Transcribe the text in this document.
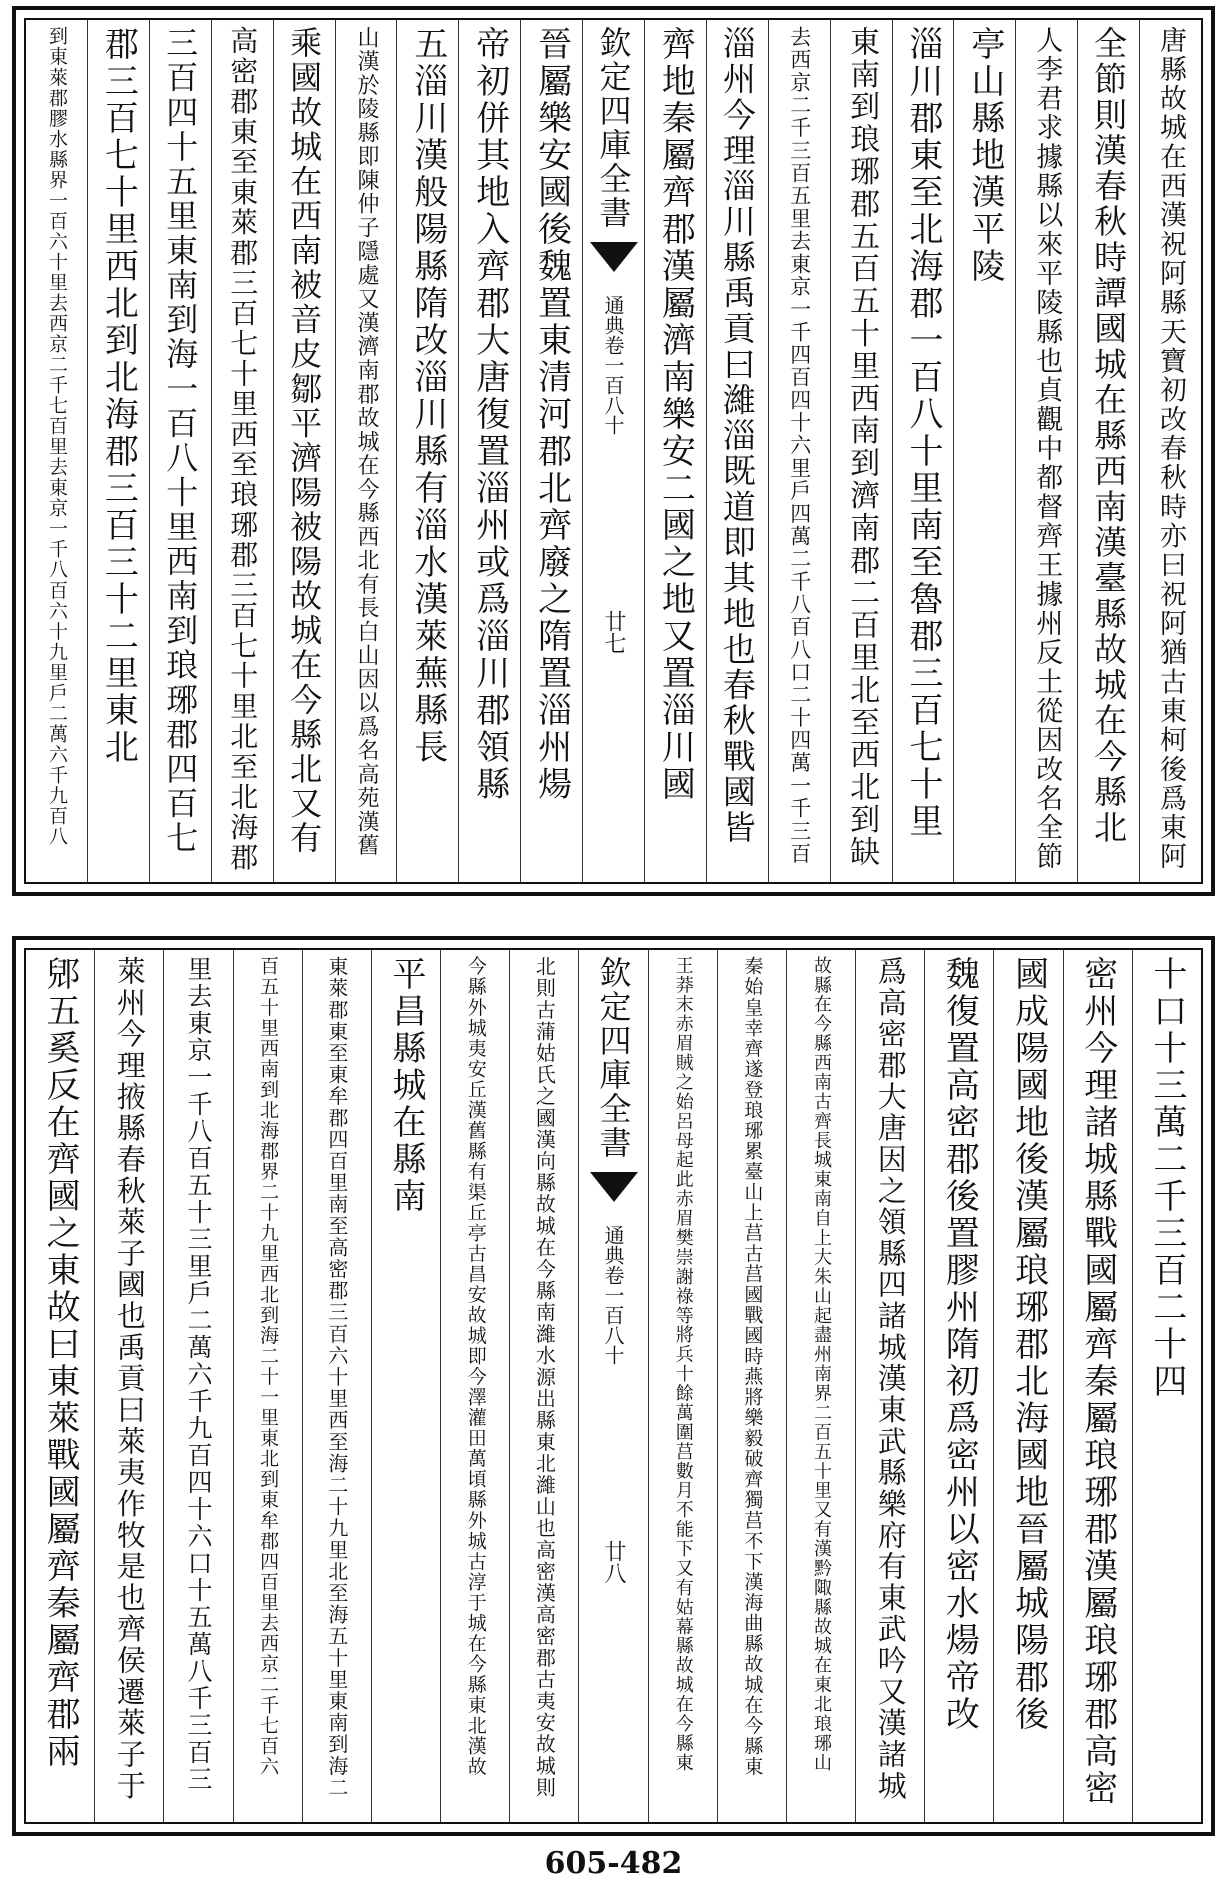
唐縣故城在西漢祝阿縣天寶初改春秋時亦曰祝阿猶古東柯後爲東阿
全節則漢春秋時譚國城在縣西南漢臺縣故城在今縣北
人李君求據縣以來平陵縣也貞觀中都督齊王據州反土從因改名全節
亭山縣地漢平陵
淄川郡東至北海郡一百八十里南至魯郡三百七十里
東南到琅琊郡五百五十里西南到濟南郡二百里北至西北到缺
去西京二千三百五里去東京一千四百四十六里戶四萬二千八百八口二十四萬一千三百
淄州今理淄川縣禹貢曰濰淄既道即其地也春秋戰國皆
齊地秦屬齊郡漢屬濟南樂安二國之地又置淄川國
欽定四庫全書
通典卷一百八十
廿七
晉屬樂安國後魏置東清河郡北齊廢之隋置淄州煬
帝初併其地入齊郡大唐復置淄州或爲淄川郡領縣
五淄川漢般陽縣隋改淄川縣有淄水漢萊蕪縣長
山漢於陵縣即陳仲子隱處又漢濟南郡故城在今縣西北有長白山因以爲名高苑漢舊
乘國故城在西南被音皮鄒平濟陽被陽故城在今縣北又有
高密郡東至東萊郡三百七十里西至琅琊郡三百七十里北至北海郡
三百四十五里東南到海一百八十里西南到琅琊郡四百七
郡三百七十里西北到北海郡三百三十二里東北
到東萊郡膠水縣界一百六十里去西京二千七百里去東京一千八百六十九里戶二萬六千九百八
十口十三萬二千三百二十四
密州今理諸城縣戰國屬齊秦屬琅琊郡漢屬琅琊郡高密
國成陽國地後漢屬琅琊郡北海國地晉屬城陽郡後
魏復置高密郡後置膠州隋初爲密州以密水煬帝改
爲高密郡大唐因之領縣四諸城漢東武縣樂府有東武吟又漢諸城
故縣在今縣西南古齊長城東南自上大朱山起盡州南界二百五十里又有漢黔陬縣故城在東北琅琊山
秦始皇幸齊遂登琅琊累臺山上莒古莒國戰國時燕將樂毅破齊獨莒不下漢海曲縣故城在今縣東
王莽末赤眉賊之始呂母起此赤眉樊崇謝祿等將兵十餘萬圍莒數月不能下又有姑幕縣故城在今縣東
欽定四庫全書
通典卷一百八十
廿八
北則古蒲姑氏之國漢向縣故城在今縣南濰水源出縣東北濰山也高密漢高密郡古夷安故城則
今縣外城夷安丘漢舊縣有渠丘亭古昌安故城即今澤灌田萬頃縣外城古淳于城在今縣東北漢故
平昌縣城在縣南
東萊郡東至東牟郡四百里南至高密郡三百六十里西至海二十九里北至海五十里東南到海二
百五十里西南到北海郡界二十九里西北到海二十一里東北到東牟郡四百里去西京二千七百六
里去東京一千八百五十三里戶二萬六千九百四十六口十五萬八千三百三
萊州今理掖縣春秋萊子國也禹貢曰萊夷作牧是也齊侯遷萊子于
郳五奚反在齊國之東故曰東萊戰國屬齊秦屬齊郡兩
605-482
